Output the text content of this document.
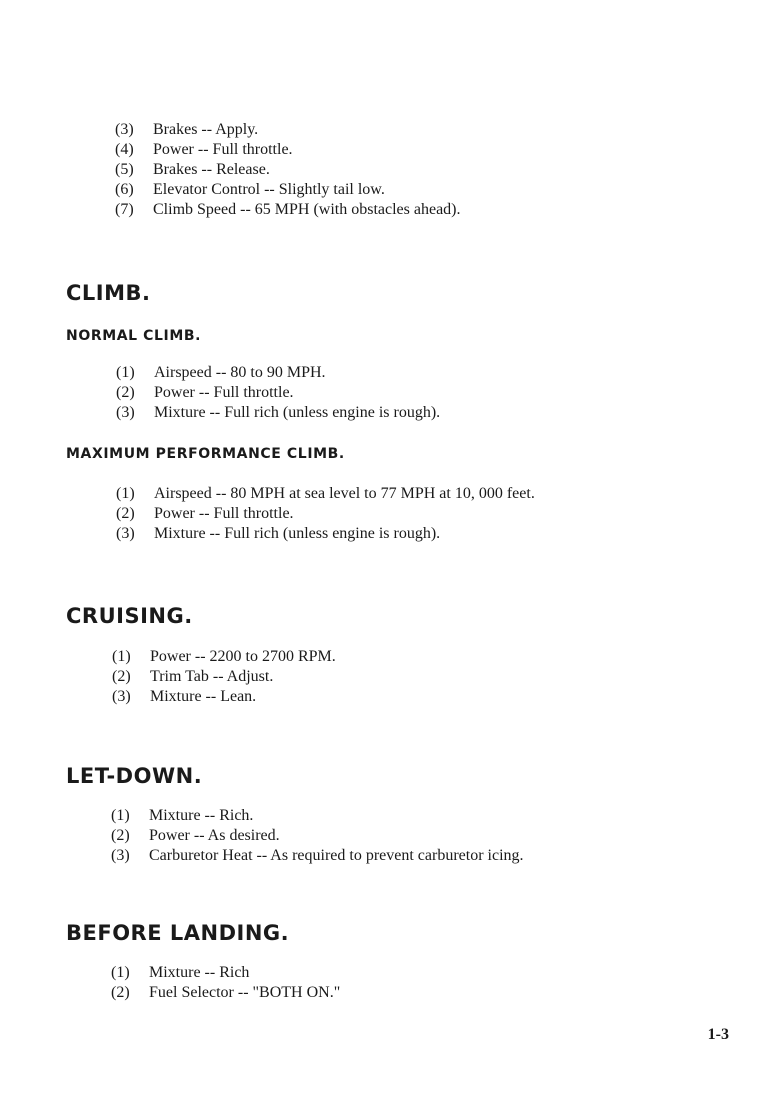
(3) Brakes -- Apply.
(4) Power -- Full throttle.
(5) Brakes -- Release.
(6) Elevator Control -- Slightly tail low.
(7) Climb Speed -- 65 MPH (with obstacles ahead).
CLIMB.
NORMAL CLIMB.
(1) Airspeed -- 80 to 90 MPH.
(2) Power -- Full throttle.
(3) Mixture -- Full rich (unless engine is rough).
MAXIMUM PERFORMANCE CLIMB.
(1) Airspeed -- 80 MPH at sea level to 77 MPH at 10, 000 feet.
(2) Power -- Full throttle.
(3) Mixture -- Full rich (unless engine is rough).
CRUISING.
(1) Power -- 2200 to 2700 RPM.
(2) Trim Tab -- Adjust.
(3) Mixture -- Lean.
LET-DOWN.
(1) Mixture -- Rich.
(2) Power -- As desired.
(3) Carburetor Heat -- As required to prevent carburetor icing.
BEFORE LANDING.
(1) Mixture -- Rich
(2) Fuel Selector -- "BOTH ON."
1-3
